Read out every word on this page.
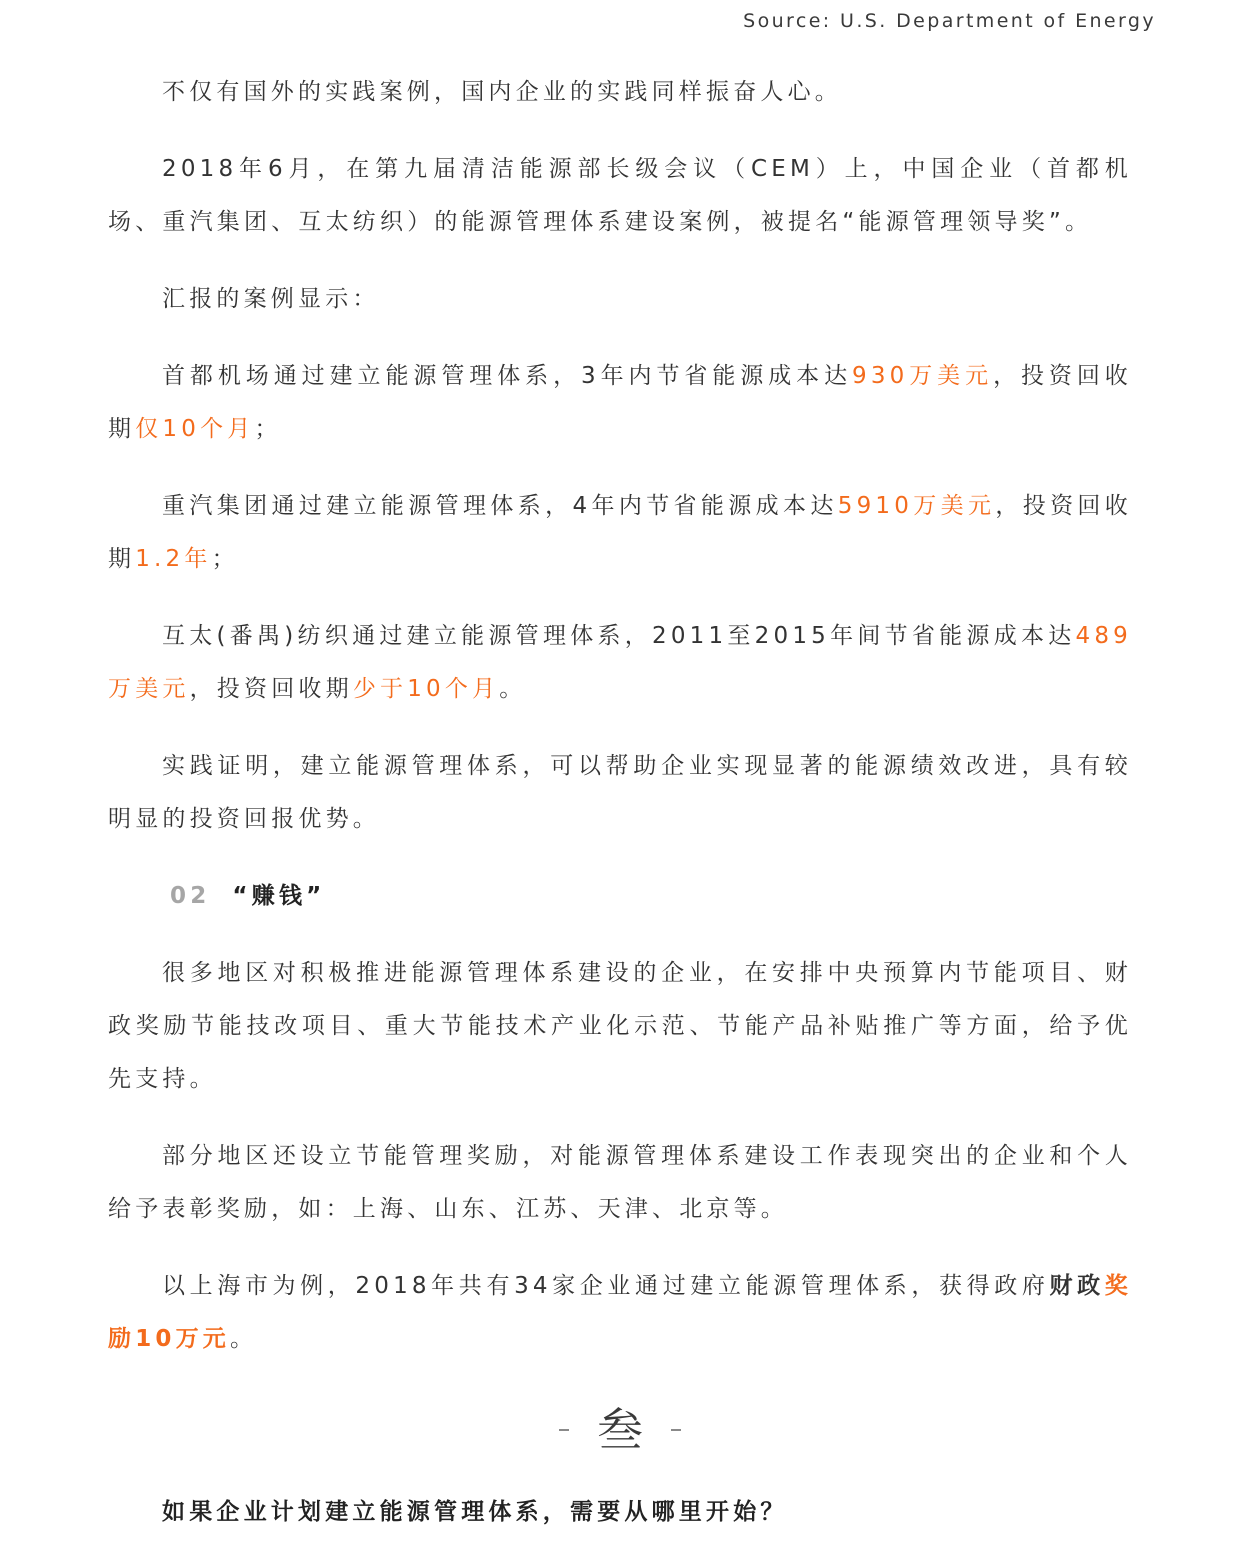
Source: U.S. Department of Energy

不仅有国外的实践案例，国内企业的实践同样振奋人心。

2018年6月，在第九届清洁能源部长级会议（CEM）上，中国企业（首都机场、重汽集团、互太纺织）的能源管理体系建设案例，被提名“能源管理领导奖”。

汇报的案例显示：

首都机场通过建立能源管理体系，3年内节省能源成本达930万美元，投资回收期仅10个月；

重汽集团通过建立能源管理体系，4年内节省能源成本达5910万美元，投资回收期1.2年；

互太(番禺)纺织通过建立能源管理体系，2011至2015年间节省能源成本达489万美元，投资回收期少于10个月。

实践证明，建立能源管理体系，可以帮助企业实现显著的能源绩效改进，具有较明显的投资回报优势。

02 “赚钱”

很多地区对积极推进能源管理体系建设的企业，在安排中央预算内节能项目、财政奖励节能技改项目、重大节能技术产业化示范、节能产品补贴推广等方面，给予优先支持。

部分地区还设立节能管理奖励，对能源管理体系建设工作表现突出的企业和个人给予表彰奖励，如：上海、山东、江苏、天津、北京等。

以上海市为例，2018年共有34家企业通过建立能源管理体系，获得政府财政奖励10万元。

叁
如果企业计划建立能源管理体系，需要从哪里开始？
